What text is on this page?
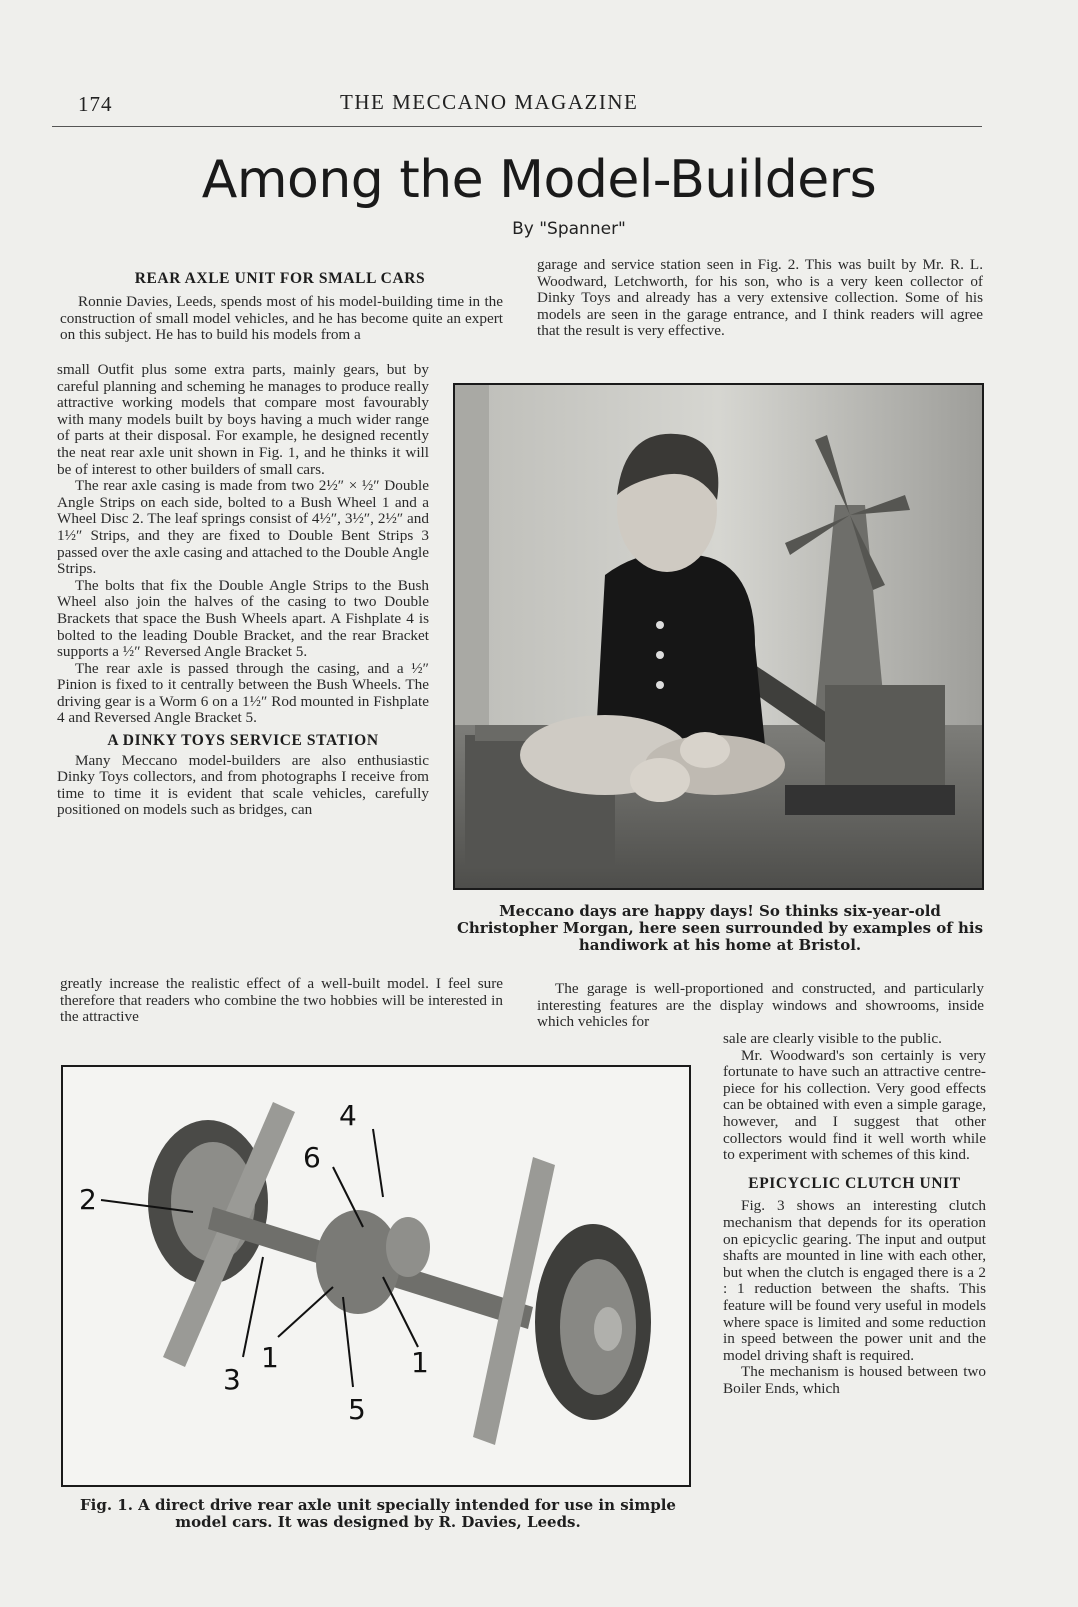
174	THE MECCANO MAGAZINE
Among the Model-Builders
By "Spanner"
REAR AXLE UNIT FOR SMALL CARS

Ronnie Davies, Leeds, spends most of his model-building time in the construction of small model vehicles, and he has become quite an expert on this subject. He has to build his models from a

small Outfit plus some extra parts, mainly gears, but by careful planning and scheming he manages to produce really attractive working models that compare most favourably with many models built by boys having a much wider range of parts at their disposal. For example, he designed recently the neat rear axle unit shown in Fig. 1, and he thinks it will be of interest to other builders of small cars.

The rear axle casing is made from two 2½″ × ½″ Double Angle Strips on each side, bolted to a Bush Wheel 1 and a Wheel Disc 2. The leaf springs consist of 4½″, 3½″, 2½″ and 1½″ Strips, and they are fixed to Double Bent Strips 3 passed over the axle casing and attached to the Double Angle Strips.

The bolts that fix the Double Angle Strips to the Bush Wheel also join the halves of the casing to two Double Brackets that space the Bush Wheels apart. A Fishplate 4 is bolted to the leading Double Bracket, and the rear Bracket supports a ½″ Reversed Angle Bracket 5.

The rear axle is passed through the casing, and a ½″ Pinion is fixed to it centrally between the Bush Wheels. The driving gear is a Worm 6 on a 1½″ Rod mounted in Fishplate 4 and Reversed Angle Bracket 5.

A DINKY TOYS SERVICE STATION

Many Meccano model-builders are also enthusiastic Dinky Toys collectors, and from photographs I receive from time to time it is evident that scale vehicles, carefully positioned on models such as bridges, can

greatly increase the realistic effect of a well-built model. I feel sure therefore that readers who combine the two hobbies will be interested in the attractive

garage and service station seen in Fig. 2. This was built by Mr. R. L. Woodward, Letchworth, for his son, who is a very keen collector of Dinky Toys and already has a very extensive collection. Some of his models are seen in the garage entrance, and I think readers will agree that the result is very effective.

Meccano days are happy days! So thinks six-year-old Christopher Morgan, here seen surrounded by examples of his handiwork at his home at Bristol.

The garage is well-proportioned and constructed, and particularly interesting features are the display windows and showrooms, inside which vehicles for

sale are clearly visible to the public.

Mr. Woodward's son certainly is very fortunate to have such an attractive centre-piece for his collection. Very good effects can be obtained with even a simple garage, however, and I suggest that other collectors would find it well worth while to experiment with schemes of this kind.

EPICYCLIC CLUTCH UNIT

Fig. 3 shows an interesting clutch mechanism that depends for its operation on epicyclic gearing. The input and output shafts are mounted in line with each other, but when the clutch is engaged there is a 2 : 1 reduction between the shafts. This feature will be found very useful in models where space is limited and some reduction in speed between the power unit and the model driving shaft is required.

The mechanism is housed between two Boiler Ends, which

2
6
4
1
3
5
1
Fig. 1. A direct drive rear axle unit specially intended for use in simple model cars. It was designed by R. Davies, Leeds.
